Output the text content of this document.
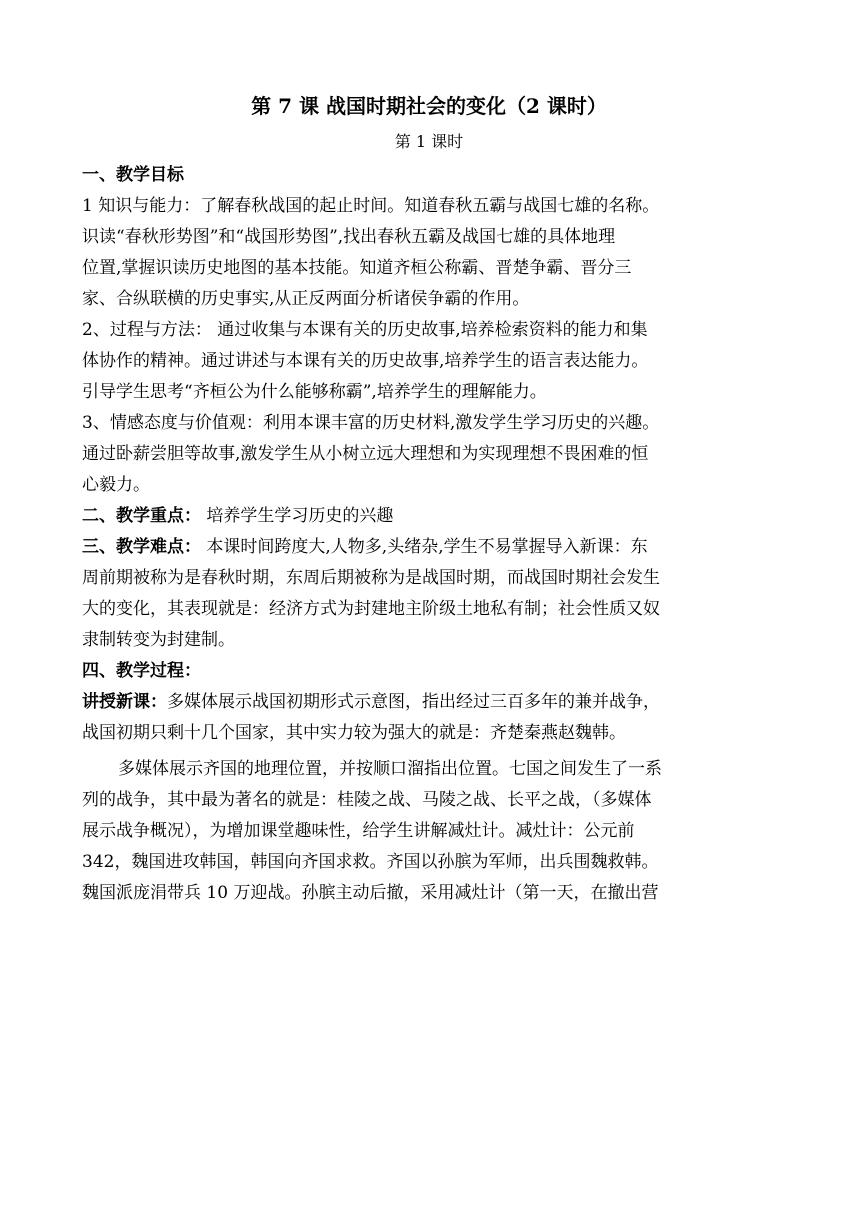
第 7 课 战国时期社会的变化（2 课时）
第 1 课时
一、教学目标
1 知识与能力：了解春秋战国的起止时间。知道春秋五霸与战国七雄的名称。
识读“春秋形势图”和“战国形势图”,找出春秋五霸及战国七雄的具体地理
位置,掌握识读历史地图的基本技能。知道齐桓公称霸、晋楚争霸、晋分三
家、合纵联横的历史事实,从正反两面分析诸侯争霸的作用。
2、过程与方法： 通过收集与本课有关的历史故事,培养检索资料的能力和集
体协作的精神。通过讲述与本课有关的历史故事,培养学生的语言表达能力。
引导学生思考“齐桓公为什么能够称霸”,培养学生的理解能力。
3、情感态度与价值观：利用本课丰富的历史材料,激发学生学习历史的兴趣。
通过卧薪尝胆等故事,激发学生从小树立远大理想和为实现理想不畏困难的恒
心毅力。
二、教学重点： 培养学生学习历史的兴趣
三、教学难点： 本课时间跨度大,人物多,头绪杂,学生不易掌握导入新课：东
周前期被称为是春秋时期，东周后期被称为是战国时期，而战国时期社会发生
大的变化，其表现就是：经济方式为封建地主阶级土地私有制；社会性质又奴
隶制转变为封建制。
四、教学过程：
讲授新课：多媒体展示战国初期形式示意图，指出经过三百多年的兼并战争，
战国初期只剩十几个国家，其中实力较为强大的就是：齐楚秦燕赵魏韩。
多媒体展示齐国的地理位置，并按顺口溜指出位置。七国之间发生了一系
列的战争，其中最为著名的就是：桂陵之战、马陵之战、长平之战，（多媒体
展示战争概况），为增加课堂趣味性，给学生讲解减灶计。减灶计：公元前
342，魏国进攻韩国，韩国向齐国求救。齐国以孙膑为军师，出兵围魏救韩。
魏国派庞涓带兵 10 万迎战。孙膑主动后撤，采用减灶计（第一天，在撤出营
